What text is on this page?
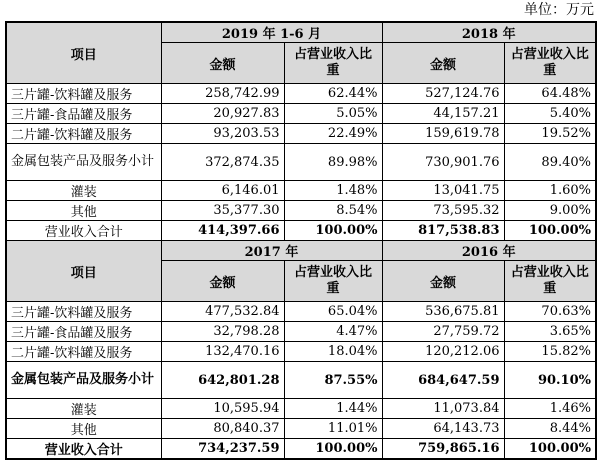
单位：万元
项目	2019 年 1-6 月		2018 年	
	金额	占营业收入比重	金额	占营业收入比重
三片罐-饮料罐及服务	258,742.99	62.44%	527,124.76	64.48%
三片罐-食品罐及服务	20,927.83	5.05%	44,157.21	5.40%
二片罐-饮料罐及服务	93,203.53	22.49%	159,619.78	19.52%
金属包装产品及服务小计	372,874.35	89.98%	730,901.76	89.40%
灌装	6,146.01	1.48%	13,041.75	1.60%
其他	35,377.30	8.54%	73,595.32	9.00%
营业收入合计	414,397.66	100.00%	817,538.83	100.00%
项目	2017 年		2016 年	
	金额	占营业收入比重	金额	占营业收入比重
三片罐-饮料罐及服务	477,532.84	65.04%	536,675.81	70.63%
三片罐-食品罐及服务	32,798.28	4.47%	27,759.72	3.65%
二片罐-饮料罐及服务	132,470.16	18.04%	120,212.06	15.82%
金属包装产品及服务小计	642,801.28	87.55%	684,647.59	90.10%
灌装	10,595.94	1.44%	11,073.84	1.46%
其他	80,840.37	11.01%	64,143.73	8.44%
营业收入合计	734,237.59	100.00%	759,865.16	100.00%
